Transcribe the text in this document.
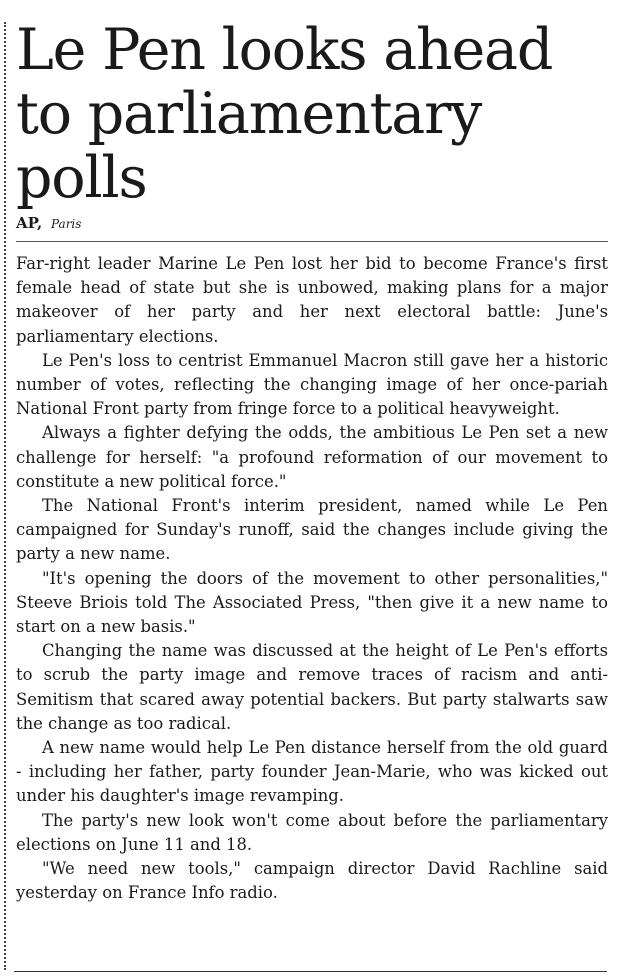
Le Pen looks ahead to parliamentary polls
AP, Paris

Far-right leader Marine Le Pen lost her bid to become France's first female head of state but she is unbowed, making plans for a major makeover of her party and her next electoral battle: June's parliamentary elections.

Le Pen's loss to centrist Emmanuel Macron still gave her a historic number of votes, reflecting the changing image of her once-pariah National Front party from fringe force to a political heavyweight.

Always a fighter defying the odds, the ambitious Le Pen set a new challenge for herself: "a profound reformation of our movement to constitute a new political force."

The National Front's interim president, named while Le Pen campaigned for Sunday's runoff, said the changes include giving the party a new name.

"It's opening the doors of the movement to other personalities," Steeve Briois told The Associated Press, "then give it a new name to start on a new basis."

Changing the name was discussed at the height of Le Pen's efforts to scrub the party image and remove traces of racism and anti-Semitism that scared away potential backers. But party stalwarts saw the change as too radical.

A new name would help Le Pen distance herself from the old guard - including her father, party founder Jean-Marie, who was kicked out under his daughter's image revamping.

The party's new look won't come about before the parliamentary elections on June 11 and 18.

"We need new tools," campaign director David Rachline said yesterday on France Info radio.
